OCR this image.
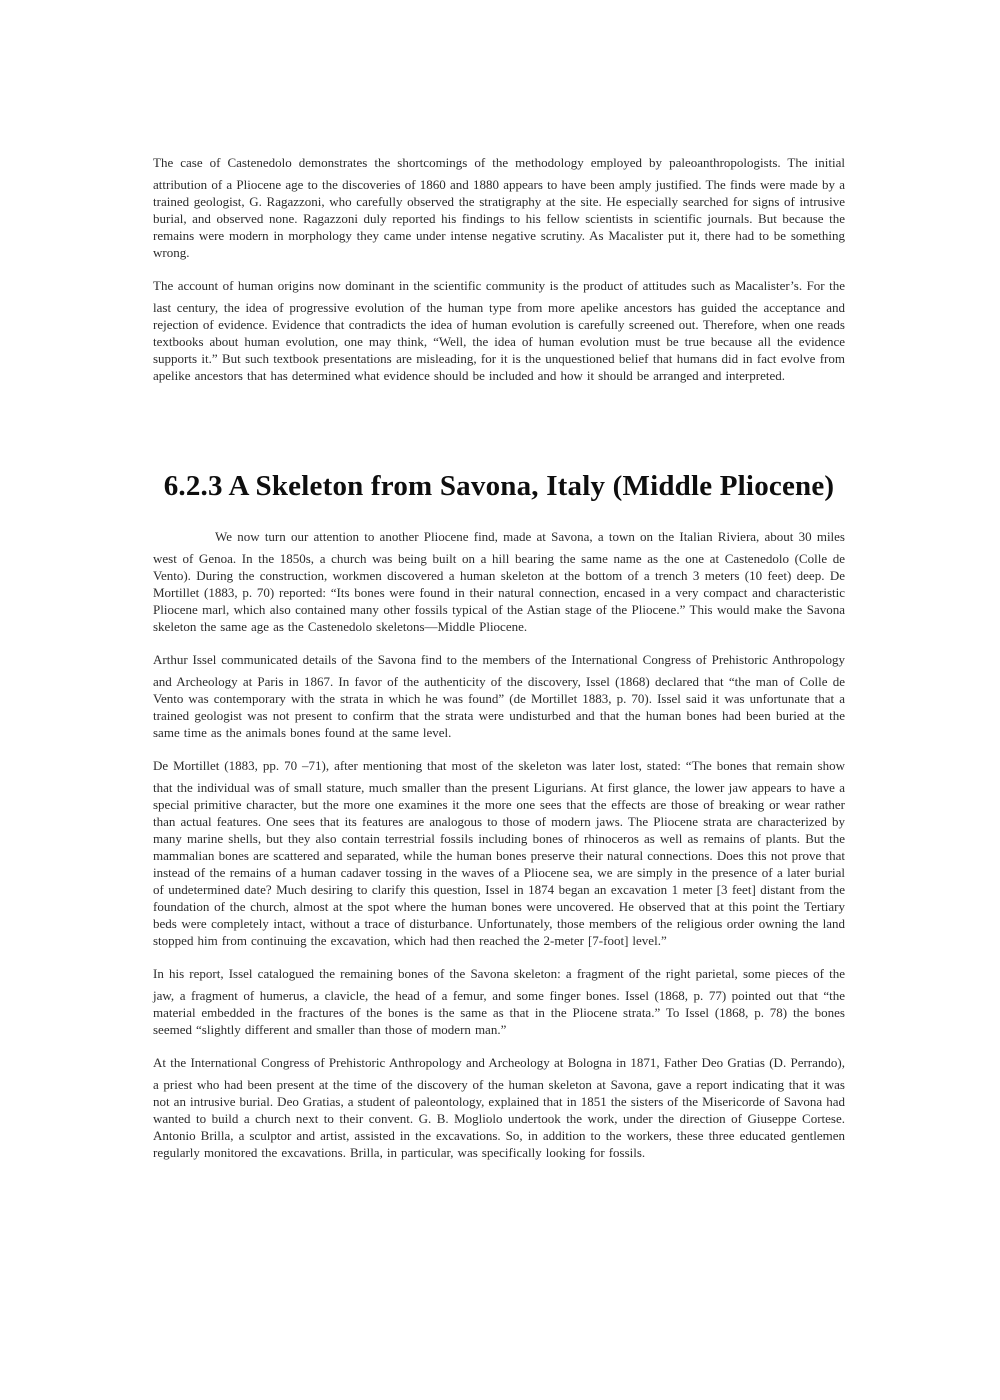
The case of Castenedolo demonstrates the shortcomings of the methodology employed by paleoanthropologists. The initial attribution of a Pliocene age to the discoveries of 1860 and 1880 appears to have been amply justified. The finds were made by a trained geologist, G. Ragazzoni, who carefully observed the stratigraphy at the site. He especially searched for signs of intrusive burial, and observed none. Ragazzoni duly reported his findings to his fellow scientists in scientific journals. But because the remains were modern in morphology they came under intense negative scrutiny. As Macalister put it, there had to be something wrong.

The account of human origins now dominant in the scientific community is the product of attitudes such as Macalister’s. For the last century, the idea of progressive evolution of the human type from more apelike ancestors has guided the acceptance and rejection of evidence. Evidence that contradicts the idea of human evolution is carefully screened out. Therefore, when one reads textbooks about human evolution, one may think, “Well, the idea of human evolution must be true because all the evidence supports it.” But such textbook presentations are misleading, for it is the unquestioned belief that humans did in fact evolve from apelike ancestors that has determined what evidence should be included and how it should be arranged and interpreted.

6.2.3 A Skeleton from Savona, Italy (Middle Pliocene)

We now turn our attention to another Pliocene find, made at Savona, a town on the Italian Riviera, about 30 miles west of Genoa. In the 1850s, a church was being built on a hill bearing the same name as the one at Castenedolo (Colle de Vento). During the construction, workmen discovered a human skeleton at the bottom of a trench 3 meters (10 feet) deep. De Mortillet (1883, p. 70) reported: “Its bones were found in their natural connection, encased in a very compact and characteristic Pliocene marl, which also contained many other fossils typical of the Astian stage of the Pliocene.” This would make the Savona skeleton the same age as the Castenedolo skeletons—Middle Pliocene.

Arthur Issel communicated details of the Savona find to the members of the International Congress of Prehistoric Anthropology and Archeology at Paris in 1867. In favor of the authenticity of the discovery, Issel (1868) declared that “the man of Colle de Vento was contemporary with the strata in which he was found” (de Mortillet 1883, p. 70). Issel said it was unfortunate that a trained geologist was not present to confirm that the strata were undisturbed and that the human bones had been buried at the same time as the animals bones found at the same level.

De Mortillet (1883, pp. 70 –71), after mentioning that most of the skeleton was later lost, stated: “The bones that remain show that the individual was of small stature, much smaller than the present Ligurians. At first glance, the lower jaw appears to have a special primitive character, but the more one examines it the more one sees that the effects are those of breaking or wear rather than actual features. One sees that its features are analogous to those of modern jaws. The Pliocene strata are characterized by many marine shells, but they also contain terrestrial fossils including bones of rhinoceros as well as remains of plants. But the mammalian bones are scattered and separated, while the human bones preserve their natural connections. Does this not prove that instead of the remains of a human cadaver tossing in the waves of a Pliocene sea, we are simply in the presence of a later burial of undetermined date? Much desiring to clarify this question, Issel in 1874 began an excavation 1 meter [3 feet] distant from the foundation of the church, almost at the spot where the human bones were uncovered. He observed that at this point the Tertiary beds were completely intact, without a trace of disturbance. Unfortunately, those members of the religious order owning the land stopped him from continuing the excavation, which had then reached the 2-meter [7-foot] level.”

In his report, Issel catalogued the remaining bones of the Savona skeleton: a fragment of the right parietal, some pieces of the jaw, a fragment of humerus, a clavicle, the head of a femur, and some finger bones. Issel (1868, p. 77) pointed out that “the material embedded in the fractures of the bones is the same as that in the Pliocene strata.” To Issel (1868, p. 78) the bones seemed “slightly different and smaller than those of modern man.”

At the International Congress of Prehistoric Anthropology and Archeology at Bologna in 1871, Father Deo Gratias (D. Perrando), a priest who had been present at the time of the discovery of the human skeleton at Savona, gave a report indicating that it was not an intrusive burial. Deo Gratias, a student of paleontology, explained that in 1851 the sisters of the Misericorde of Savona had wanted to build a church next to their convent. G. B. Mogliolo undertook the work, under the direction of Giuseppe Cortese. Antonio Brilla, a sculptor and artist, assisted in the excavations. So, in addition to the workers, these three educated gentlemen regularly monitored the excavations. Brilla, in particular, was specifically looking for fossils.
